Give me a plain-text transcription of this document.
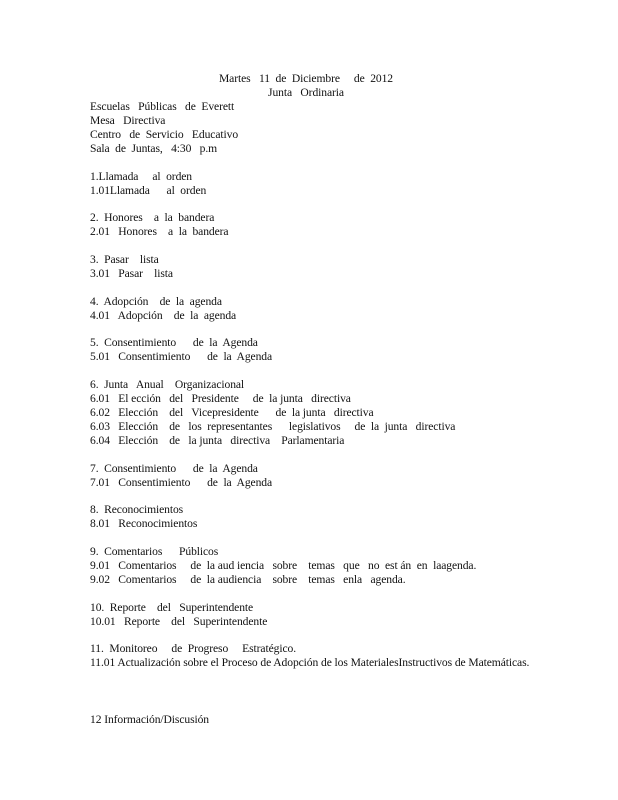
Martes   11  de  Diciembre     de  2012
Junta   Ordinaria
Escuelas   Públicas   de  Everett
Mesa   Directiva
Centro   de  Servicio   Educativo
Sala  de  Juntas,   4:30   p.m
1.Llamada     al  orden
1.01Llamada      al  orden
2.  Honores    a  la  bandera
2.01   Honores    a  la  bandera
3.  Pasar    lista
3.01   Pasar    lista
4.  Adopción    de  la  agenda
4.01   Adopción    de  la  agenda
5.  Consentimiento      de  la  Agenda
5.01   Consentimiento      de  la  Agenda
6.  Junta   Anual    Organizacional
6.01   El ección   del   Presidente     de  la junta   directiva
6.02   Elección    del   Vicepresidente      de  la junta   directiva
6.03   Elección    de   los  representantes      legislativos     de  la  junta   directiva
6.04   Elección    de   la junta   directiva    Parlamentaria
7.  Consentimiento      de  la  Agenda
7.01   Consentimiento      de  la  Agenda
8.  Reconocimientos
8.01   Reconocimientos
9.  Comentarios      Públicos
9.01   Comentarios     de  la aud iencia   sobre    temas   que   no  est án  en  laagenda.
9.02   Comentarios     de  la audiencia    sobre    temas   enla   agenda.
10.  Reporte    del   Superintendente
10.01   Reporte    del   Superintendente
11.  Monitoreo     de  Progreso     Estratégico.
11.01 Actualización sobre el Proceso de Adopción de los MaterialesInstructivos de Matemáticas.
12 Información/Discusión
